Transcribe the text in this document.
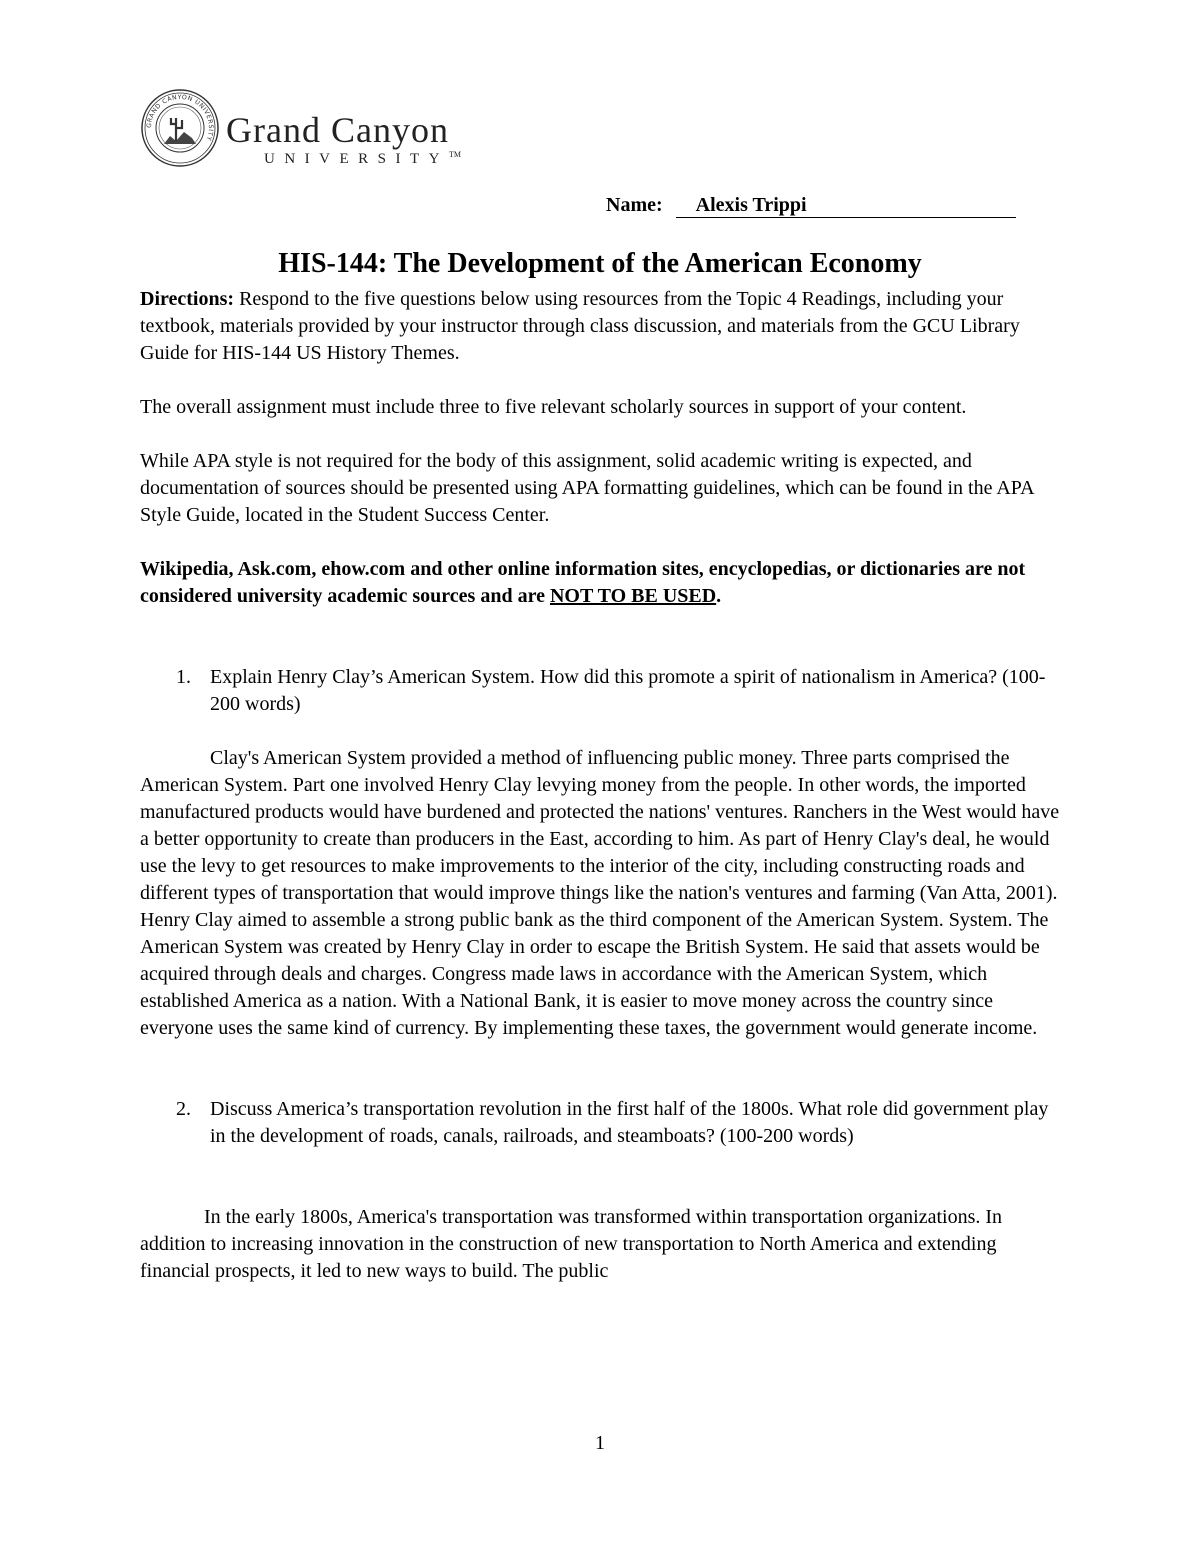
GRAND CANYON UNIVERSITY Grand Canyon
UNIVERSITY™
Name: Alexis Trippi
HIS-144: The Development of the American Economy

Directions: Respond to the five questions below using resources from the Topic 4 Readings, including your textbook, materials provided by your instructor through class discussion, and materials from the GCU Library Guide for HIS-144 US History Themes.

The overall assignment must include three to five relevant scholarly sources in support of your content.

While APA style is not required for the body of this assignment, solid academic writing is expected, and documentation of sources should be presented using APA formatting guidelines, which can be found in the APA Style Guide, located in the Student Success Center.

Wikipedia, Ask.com, ehow.com and other online information sites, encyclopedias, or dictionaries are not considered university academic sources and are NOT TO BE USED.

1. Explain Henry Clay’s American System. How did this promote a spirit of nationalism in America? (100-200 words)

Clay's American System provided a method of influencing public money. Three parts comprised the American System. Part one involved Henry Clay levying money from the people. In other words, the imported manufactured products would have burdened and protected the nations' ventures. Ranchers in the West would have a better opportunity to create than producers in the East, according to him. As part of Henry Clay's deal, he would use the levy to get resources to make improvements to the interior of the city, including constructing roads and different types of transportation that would improve things like the nation's ventures and farming (Van Atta, 2001). Henry Clay aimed to assemble a strong public bank as the third component of the American System. System. The American System was created by Henry Clay in order to escape the British System. He said that assets would be acquired through deals and charges. Congress made laws in accordance with the American System, which established America as a nation. With a National Bank, it is easier to move money across the country since everyone uses the same kind of currency. By implementing these taxes, the government would generate income.

2. Discuss America’s transportation revolution in the first half of the 1800s. What role did government play in the development of roads, canals, railroads, and steamboats? (100-200 words)

In the early 1800s, America's transportation was transformed within transportation organizations. In addition to increasing innovation in the construction of new transportation to North America and extending financial prospects, it led to new ways to build. The public

1
